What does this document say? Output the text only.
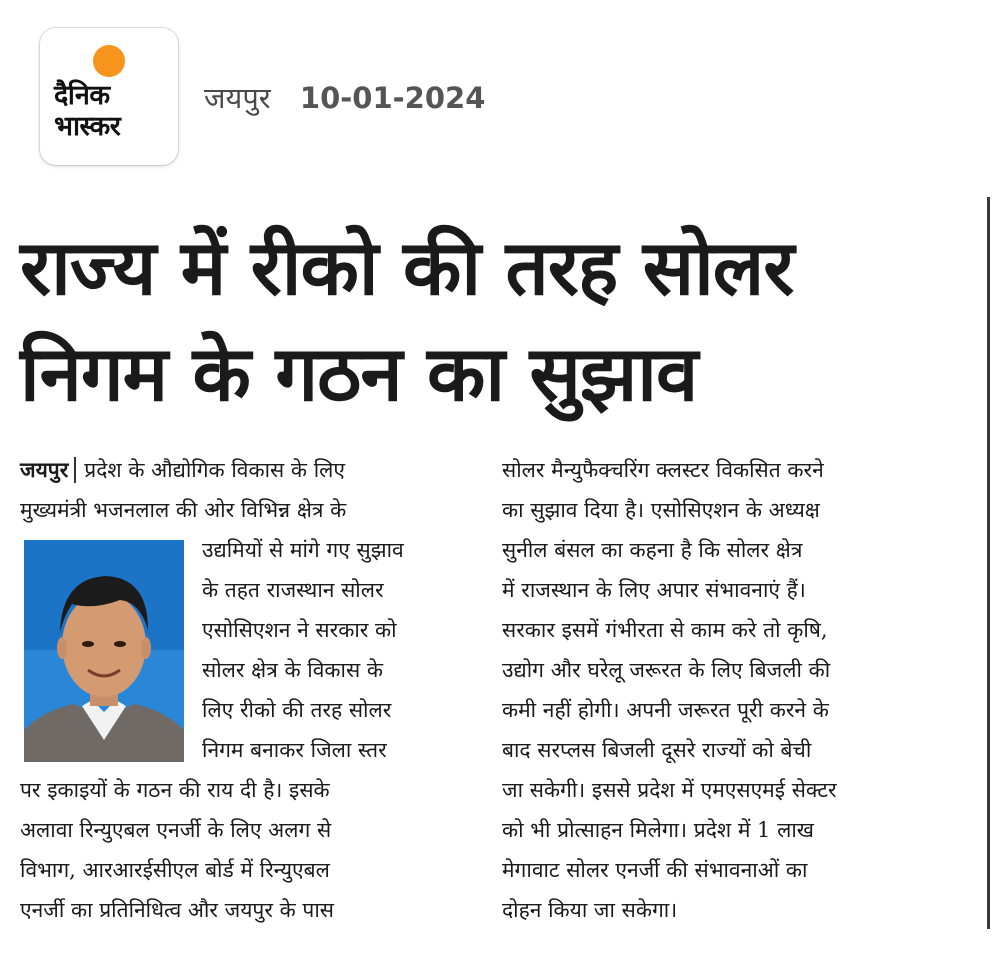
दैनिक भास्कर
जयपुर 10-01-2024
राज्य में रीको की तरह सोलर
निगम के गठन का सुझाव
जयपुर प्रदेश के औद्योगिक विकास के लिए
मुख्यमंत्री भजनलाल की ओर विभिन्न क्षेत्र के
उद्यमियों से मांगे गए सुझाव
के तहत राजस्थान सोलर
एसोसिएशन ने सरकार को
सोलर क्षेत्र के विकास के
लिए रीको की तरह सोलर
निगम बनाकर जिला स्तर
पर इकाइयों के गठन की राय दी है। इसके
अलावा रिन्युएबल एनर्जी के लिए अलग से
विभाग, आरआरईसीएल बोर्ड में रिन्युएबल
एनर्जी का प्रतिनिधित्व और जयपुर के पास
सोलर मैन्युफैक्चरिंग क्लस्टर विकसित करने
का सुझाव दिया है। एसोसिएशन के अध्यक्ष
सुनील बंसल का कहना है कि सोलर क्षेत्र
में राजस्थान के लिए अपार संभावनाएं हैं।
सरकार इसमें गंभीरता से काम करे तो कृषि,
उद्योग और घरेलू जरूरत के लिए बिजली की
कमी नहीं होगी। अपनी जरूरत पूरी करने के
बाद सरप्लस बिजली दूसरे राज्यों को बेची
जा सकेगी। इससे प्रदेश में एमएसएमई सेक्टर
को भी प्रोत्साहन मिलेगा। प्रदेश में 1 लाख
मेगावाट सोलर एनर्जी की संभावनाओं का
दोहन किया जा सकेगा।
